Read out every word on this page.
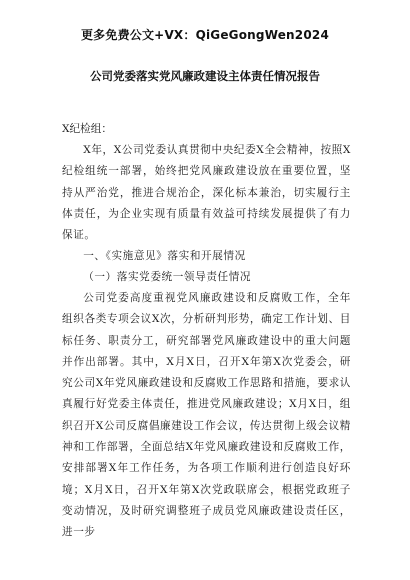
更多免费公文+VX：QiGeGongWen2024
公司党委落实党风廉政建设主体责任情况报告
X纪检组：

X年，X公司党委认真贯彻中央纪委X全会精神，按照X纪检组统一部署，始终把党风廉政建设放在重要位置，坚持从严治党，推进合规治企，深化标本兼治，切实履行主体责任，为企业实现有质量有效益可持续发展提供了有力保证。

一、《实施意见》落实和开展情况

（一）落实党委统一领导责任情况

公司党委高度重视党风廉政建设和反腐败工作，全年组织各类专项会议X次，分析研判形势，确定工作计划、目标任务、职责分工，研究部署党风廉政建设中的重大问题并作出部署。其中，X月X日，召开X年第X次党委会，研究公司X年党风廉政建设和反腐败工作思路和措施，要求认真履行好党委主体责任，推进党风廉政建设；X月X日，组织召开X公司反腐倡廉建设工作会议，传达贯彻上级会议精神和工作部署，全面总结X年党风廉政建设和反腐败工作，安排部署X年工作任务，为各项工作顺利进行创造良好环境；X月X日，召开X年第X次党政联席会，根据党政班子变动情况，及时研究调整班子成员党风廉政建设责任区，进一步
